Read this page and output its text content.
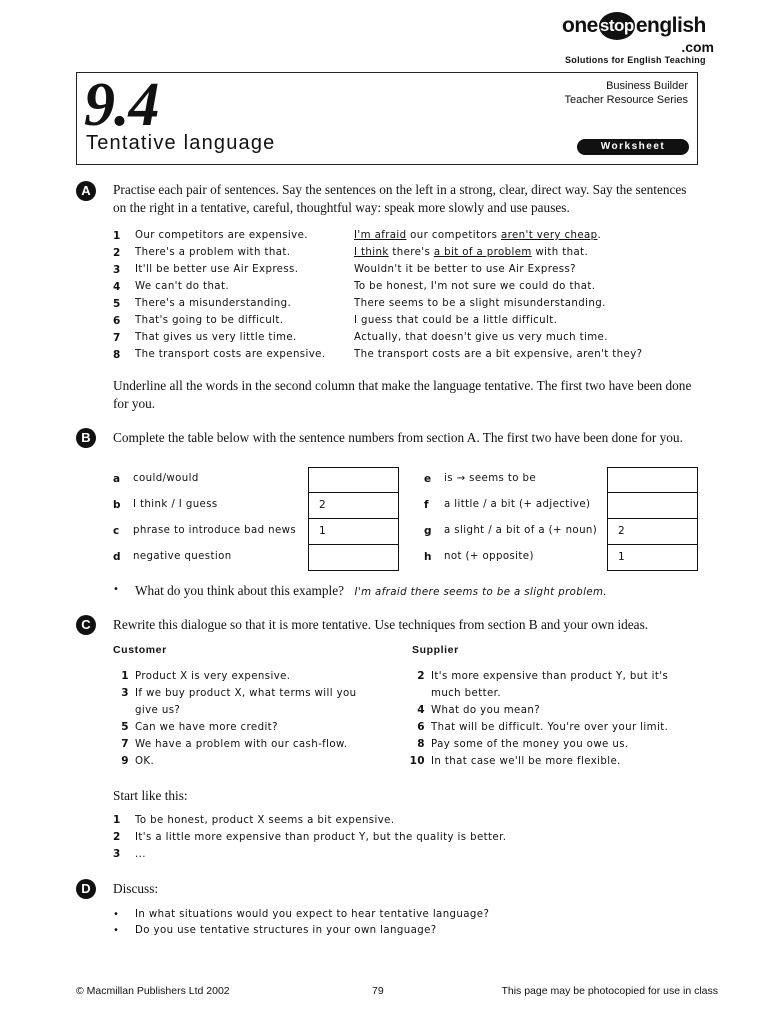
one stop english
.com
Solutions for English Teaching
9.4
Tentative language
Business Builder
Teacher Resource Series
Worksheet
A	Practise each pair of sentences. Say the sentences on the left in a strong, clear, direct way. Say the sentences on the right in a tentative, careful, thoughtful way: speak more slowly and use pauses.
1	Our competitors are expensive.	I'm afraid our competitors aren't very cheap.
2	There's a problem with that.	I think there's a bit of a problem with that.
3	It'll be better use Air Express.	Wouldn't it be better to use Air Express?
4	We can't do that.	To be honest, I'm not sure we could do that.
5	There's a misunderstanding.	There seems to be a slight misunderstanding.
6	That's going to be difficult.	I guess that could be a little difficult.
7	That gives us very little time.	Actually, that doesn't give us very much time.
8	The transport costs are expensive.	The transport costs are a bit expensive, aren't they?
Underline all the words in the second column that make the language tentative. The first two have been done for you.
B	Complete the table below with the sentence numbers from section A. The first two have been done for you.
a could/would
b I think / I guess	2
c phrase to introduce bad news	1
d negative question
e is → seems to be
f a little / a bit (+ adjective)
g a slight / a bit of a (+ noun)	2
h not (+ opposite)	1
•	What do you think about this example? I'm afraid there seems to be a slight problem.
C	Rewrite this dialogue so that it is more tentative. Use techniques from section B and your own ideas.
Customer	Supplier
1 Product X is very expensive.
3 If we buy product X, what terms will you give us?
5 Can we have more credit?
7 We have a problem with our cash-flow.
9 OK.
2 It's more expensive than product Y, but it's much better.
4 What do you mean?
6 That will be difficult. You're over your limit.
8 Pay some of the money you owe us.
10 In that case we'll be more flexible.
Start like this:
1	To be honest, product X seems a bit expensive.
2	It's a little more expensive than product Y, but the quality is better.
3	...
D	Discuss:
•	In what situations would you expect to hear tentative language?
•	Do you use tentative structures in your own language?
© Macmillan Publishers Ltd 2002	79	This page may be photocopied for use in class
